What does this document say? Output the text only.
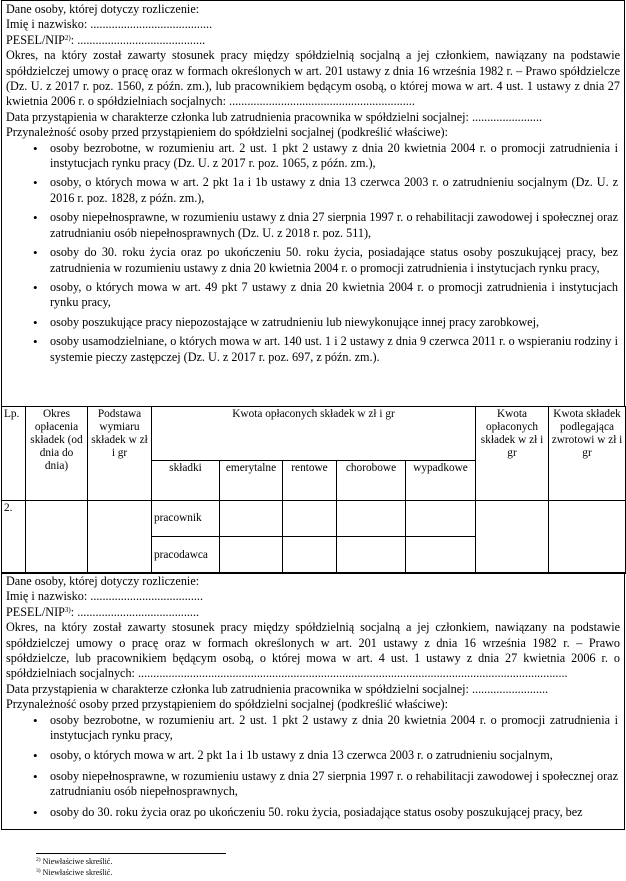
Dane osoby, której dotyczy rozliczenie:

Imię i nazwisko: ........................................

PESEL/NIP$^{2)}$: ..........................................

Okres, na który został zawarty stosunek pracy między spółdzielnią socjalną a jej członkiem, nawiązany na podstawie spółdzielczej umowy o pracę oraz w formach określonych w art. 201 ustawy z dnia 16 września 1982 r. – Prawo spółdzielcze (Dz. U. z 2017 r. poz. 1560, z późn. zm.), lub pracownikiem będącym osobą, o której mowa w art. 4 ust. 1 ustawy z dnia 27 kwietnia 2006 r. o spółdzielniach socjalnych: .............................................................

Data przystąpienia w charakterze członka lub zatrudnienia pracownika w spółdzielni socjalnej: .......................

Przynależność osoby przed przystąpieniem do spółdzielni socjalnej (podkreślić właściwe):

• osoby bezrobotne, w rozumieniu art. 2 ust. 1 pkt 2 ustawy z dnia 20 kwietnia 2004 r. o promocji zatrudnienia i instytucjach rynku pracy (Dz. U. z 2017 r. poz. 1065, z późn. zm.),
• osoby, o których mowa w art. 2 pkt 1a i 1b ustawy z dnia 13 czerwca 2003 r. o zatrudnieniu socjalnym (Dz. U. z 2016 r. poz. 1828, z późn. zm.),
• osoby niepełnosprawne, w rozumieniu ustawy z dnia 27 sierpnia 1997 r. o rehabilitacji zawodowej i społecznej oraz zatrudnianiu osób niepełnosprawnych (Dz. U. z 2018 r. poz. 511),
• osoby do 30. roku życia oraz po ukończeniu 50. roku życia, posiadające status osoby poszukującej pracy, bez zatrudnienia w rozumieniu ustawy z dnia 20 kwietnia 2004 r. o promocji zatrudnienia i instytucjach rynku pracy,
• osoby, o których mowa w art. 49 pkt 7 ustawy z dnia 20 kwietnia 2004 r. o promocji zatrudnienia i instytucjach rynku pracy,
• osoby poszukujące pracy niepozostające w zatrudnieniu lub niewykonujące innej pracy zarobkowej,
• osoby usamodzielniane, o których mowa w art. 140 ust. 1 i 2 ustawy z dnia 9 czerwca 2011 r. o wspieraniu rodziny i systemie pieczy zastępczej (Dz. U. z 2017 r. poz. 697, z późn. zm.).
Lp.	Okres opłacenia składek (od dnia do dnia)	Podstawa wymiaru składek w zł i gr	Kwota opłaconych składek w zł i gr					Kwota opłaconych składek w zł i gr	Kwota składek podlegająca zwrotowi w zł i gr
			składki	emerytalne	rentowe	chorobowe	wypadkowe		
2.			pracownik						
			pracodawca						

Dane osoby, której dotyczy rozliczenie:

Imię i nazwisko: .....................................

PESEL/NIP$^{3)}$: ........................................

Okres, na który został zawarty stosunek pracy między spółdzielnią socjalną a jej członkiem, nawiązany na podstawie spółdzielczej umowy o pracę oraz w formach określonych w art. 201 ustawy z dnia 16 września 1982 r. – Prawo spółdzielcze, lub pracownikiem będącym osobą, o której mowa w art. 4 ust. 1 ustawy z dnia 27 kwietnia 2006 r. o spółdzielniach socjalnych: .............................................................................................................................................

Data przystąpienia w charakterze członka lub zatrudnienia pracownika w spółdzielni socjalnej: .........................

Przynależność osoby przed przystąpieniem do spółdzielni socjalnej (podkreślić właściwe):

• osoby bezrobotne, w rozumieniu art. 2 ust. 1 pkt 2 ustawy z dnia 20 kwietnia 2004 r. o promocji zatrudnienia i instytucjach rynku pracy,
• osoby, o których mowa w art. 2 pkt 1a i 1b ustawy z dnia 13 czerwca 2003 r. o zatrudnieniu socjalnym,
• osoby niepełnosprawne, w rozumieniu ustawy z dnia 27 sierpnia 1997 r. o rehabilitacji zawodowej i społecznej oraz zatrudnianiu osób niepełnosprawnych,
• osoby do 30. roku życia oraz po ukończeniu 50. roku życia, posiadające status osoby poszukującej pracy, bez
$^{2)}$ Niewłaściwe skreślić.
$^{3)}$ Niewłaściwe skreślić.
